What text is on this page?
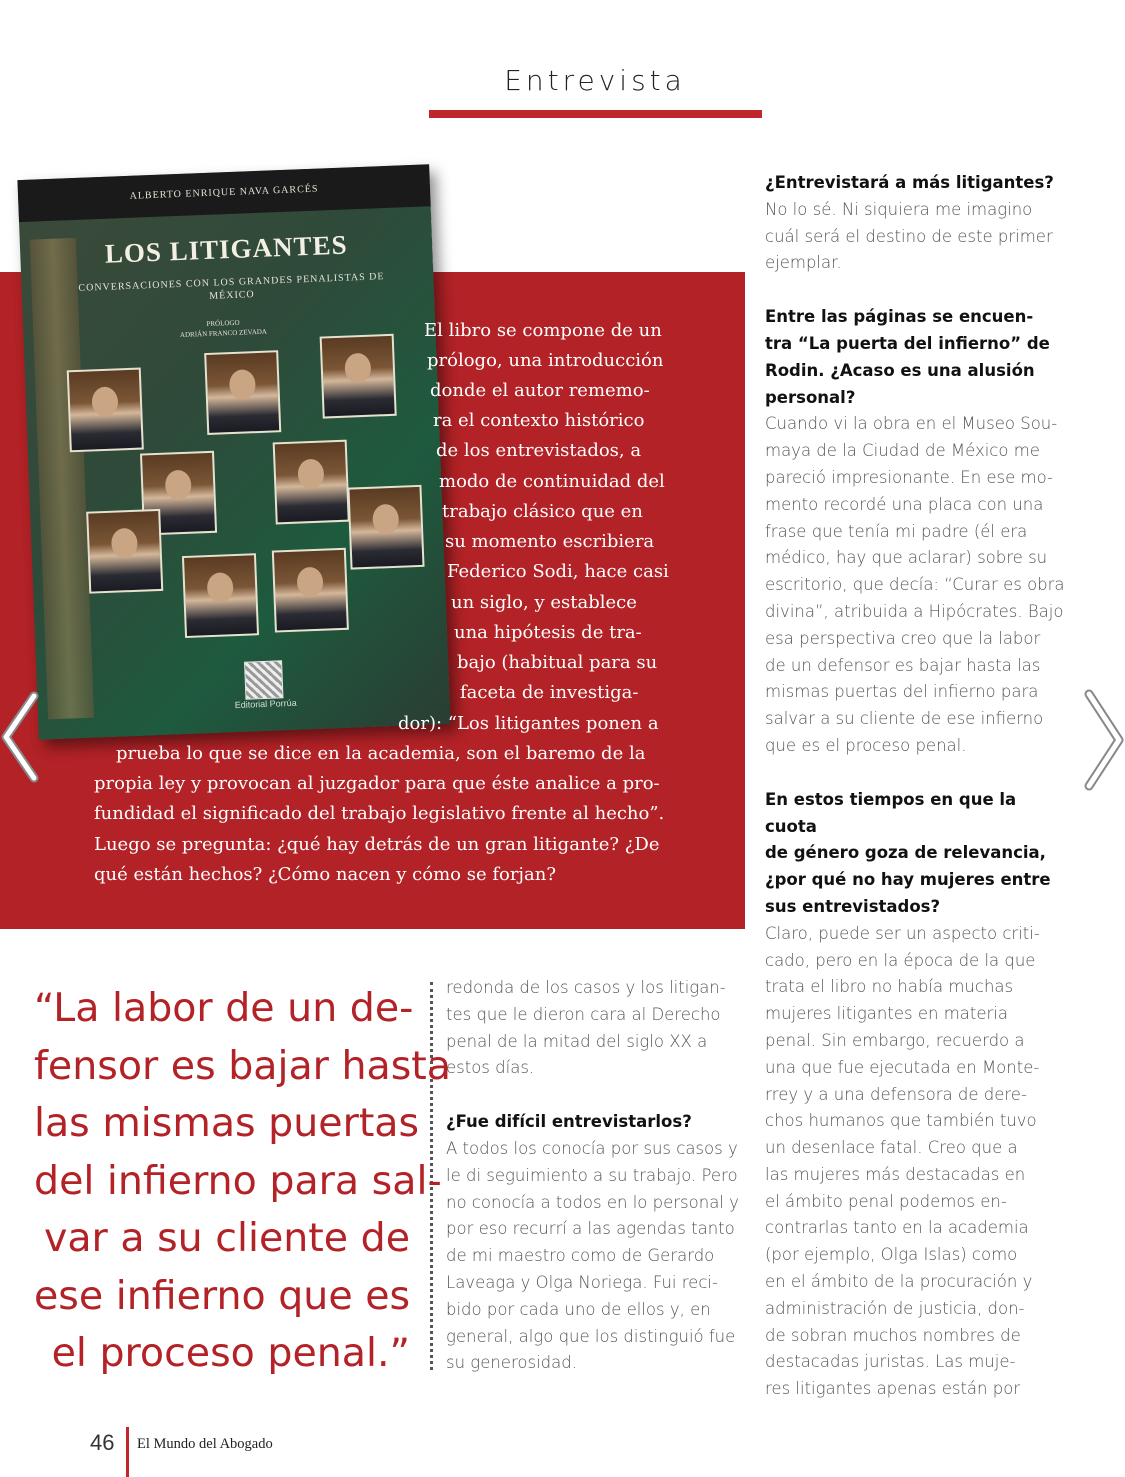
Entrevista
ALBERTO ENRIQUE NAVA GARCÉS
LOS LITIGANTES
CONVERSACIONES CON LOS GRANDES PENALISTAS DE MÉXICO
PRÓLOGO
ADRIÁN FRANCO ZEVADA
Editorial Porrúa
El libro se compone de un
prólogo, una introducción
donde el autor rememo-
ra el contexto histórico
de los entrevistados, a
modo de continuidad del
trabajo clásico que en
su momento escribiera
Federico Sodi, hace casi
un siglo, y establece
una hipótesis de tra-
bajo (habitual para su
faceta de investiga-
dor): “Los litigantes ponen a
prueba lo que se dice en la academia, son el baremo de la
propia ley y provocan al juzgador para que éste analice a pro-
fundidad el significado del trabajo legislativo frente al hecho”.
Luego se pregunta: ¿qué hay detrás de un gran litigante? ¿De
qué están hechos? ¿Cómo nacen y cómo se forjan?
¿Entrevistará a más litigantes?
No lo sé. Ni siquiera me imagino
cuál será el destino de este primer
ejemplar.
Entre las páginas se encuen-
tra “La puerta del infierno” de
Rodin. ¿Acaso es una alusión
personal?
Cuando vi la obra en el Museo Sou-
maya de la Ciudad de México me
pareció impresionante. En ese mo-
mento recordé una placa con una
frase que tenía mi padre (él era
médico, hay que aclarar) sobre su
escritorio, que decía: “Curar es obra
divina”, atribuida a Hipócrates. Bajo
esa perspectiva creo que la labor
de un defensor es bajar hasta las
mismas puertas del infierno para
salvar a su cliente de ese infierno
que es el proceso penal.
En estos tiempos en que la cuota
de género goza de relevancia,
¿por qué no hay mujeres entre
sus entrevistados?
Claro, puede ser un aspecto criti-
cado, pero en la época de la que
trata el libro no había muchas
mujeres litigantes en materia
penal. Sin embargo, recuerdo a
una que fue ejecutada en Monte-
rrey y a una defensora de dere-
chos humanos que también tuvo
un desenlace fatal. Creo que a
las mujeres más destacadas en
el ámbito penal podemos en-
contrarlas tanto en la academia
(por ejemplo, Olga Islas) como
en el ámbito de la procuración y
administración de justicia, don-
de sobran muchos nombres de
destacadas juristas. Las muje-
res litigantes apenas están por
redonda de los casos y los litigan-
tes que le dieron cara al Derecho
penal de la mitad del siglo XX a
estos días.
¿Fue difícil entrevistarlos?
A todos los conocía por sus casos y
le di seguimiento a su trabajo. Pero
no conocía a todos en lo personal y
por eso recurrí a las agendas tanto
de mi maestro como de Gerardo
Laveaga y Olga Noriega. Fui reci-
bido por cada uno de ellos y, en
general, algo que los distinguió fue
su generosidad.
“La labor de un de-
fensor es bajar hasta
las mismas puertas
del infierno para sal-
var a su cliente de
ese infierno que es
el proceso penal.”
46 El Mundo del Abogado
